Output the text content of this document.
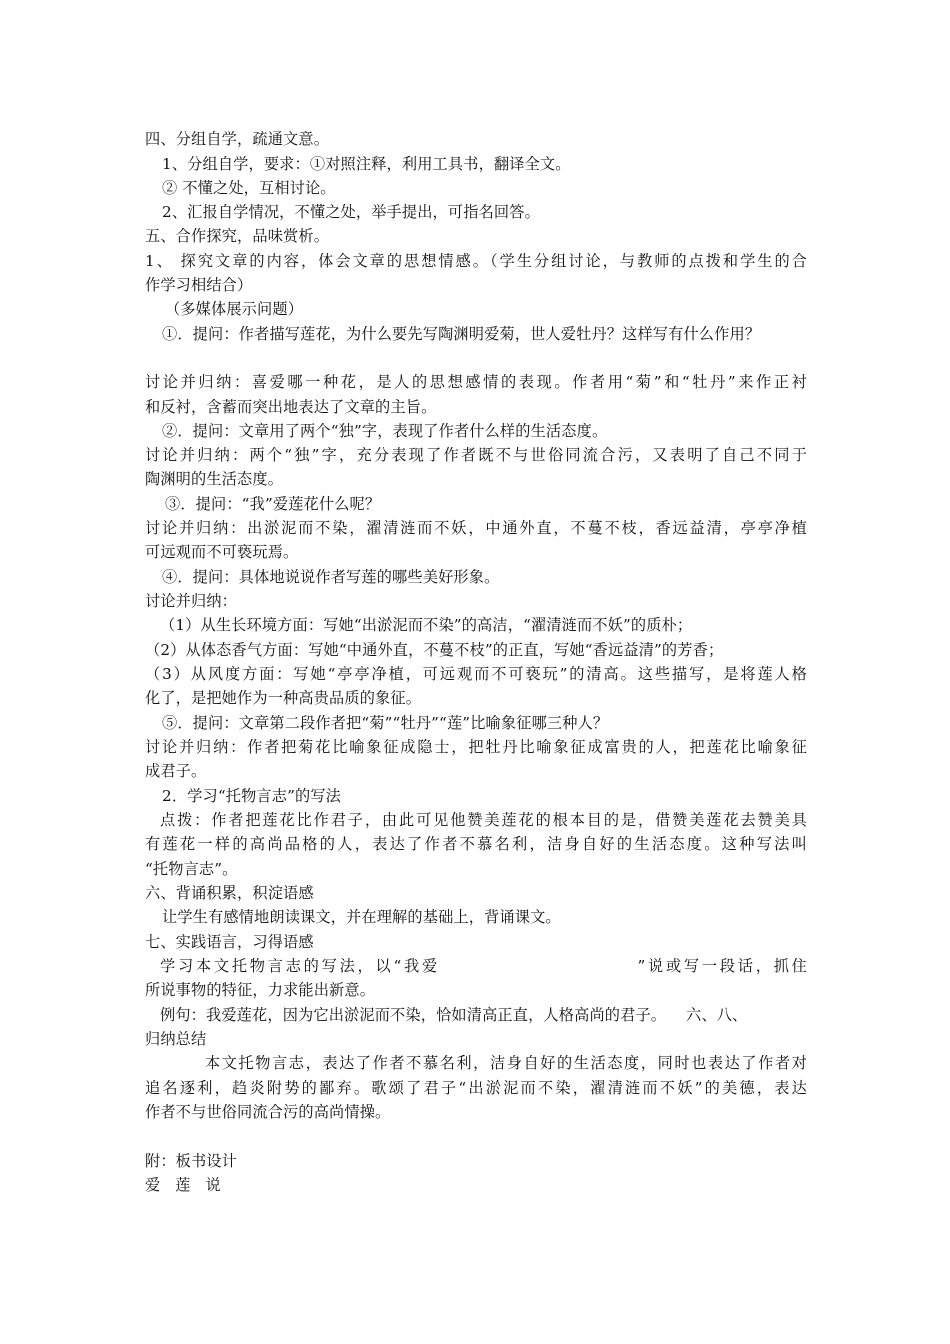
四、分组自学，疏通文意。
1、分组自学，要求：①对照注释，利用工具书，翻译全文。
② 不懂之处，互相讨论。
2、汇报自学情况，不懂之处，举手提出，可指名回答。
五、合作探究，品味赏析。
1、 探究文章的内容，体会文章的思想情感。（学生分组讨论，与教师的点拨和学生的合
作学习相结合）
（多媒体展示问题）
①．提问：作者描写莲花，为什么要先写陶渊明爱菊，世人爱牡丹？这样写有什么作用？
讨论并归纳：喜爱哪一种花，是人的思想感情的表现。作者用“菊”和“牡丹”来作正衬
和反衬，含蓄而突出地表达了文章的主旨。
②．提问：文章用了两个“独”字，表现了作者什么样的生活态度。
讨论并归纳：两个“独”字，充分表现了作者既不与世俗同流合污，又表明了自己不同于
陶渊明的生活态度。
③．提问：“我”爱莲花什么呢？
讨论并归纳：出淤泥而不染，濯清涟而不妖，中通外直，不蔓不枝，香远益清，亭亭净植
可远观而不可亵玩焉。
④．提问：具体地说说作者写莲的哪些美好形象。
讨论并归纳：
（1）从生长环境方面：写她“出淤泥而不染”的高洁，“濯清涟而不妖”的质朴；
（2）从体态香气方面：写她“中通外直，不蔓不枝”的正直，写她“香远益清”的芳香；
（3）从风度方面：写她“亭亭净植，可远观而不可亵玩”的清高。这些描写，是将莲人格
化了，是把她作为一种高贵品质的象征。
⑤．提问：文章第二段作者把“菊”“牡丹”“莲”比喻象征哪三种人？
讨论并归纳：作者把菊花比喻象征成隐士，把牡丹比喻象征成富贵的人，把莲花比喻象征
成君子。
2．学习“托物言志”的写法
点拨：作者把莲花比作君子，由此可见他赞美莲花的根本目的是，借赞美莲花去赞美具
有莲花一样的高尚品格的人，表达了作者不慕名利，洁身自好的生活态度。这种写法叫
“托物言志”。
六、背诵积累，积淀语感
让学生有感情地朗读课文，并在理解的基础上，背诵课文。
七、实践语言，习得语感
学习本文托物言志的写法，以“我爱                          ”说或写一段话，抓住
所说事物的特征，力求能出新意。
例句：我爱莲花，因为它出淤泥而不染，恰如清高正直，人格高尚的君子。    六、八、
归纳总结
本文托物言志，表达了作者不慕名利，洁身自好的生活态度，同时也表达了作者对
追名逐利，趋炎附势的鄙弃。歌颂了君子“出淤泥而不染，濯清涟而不妖”的美德，表达
作者不与世俗同流合污的高尚情操。
附：板书设计
爱   莲   说
